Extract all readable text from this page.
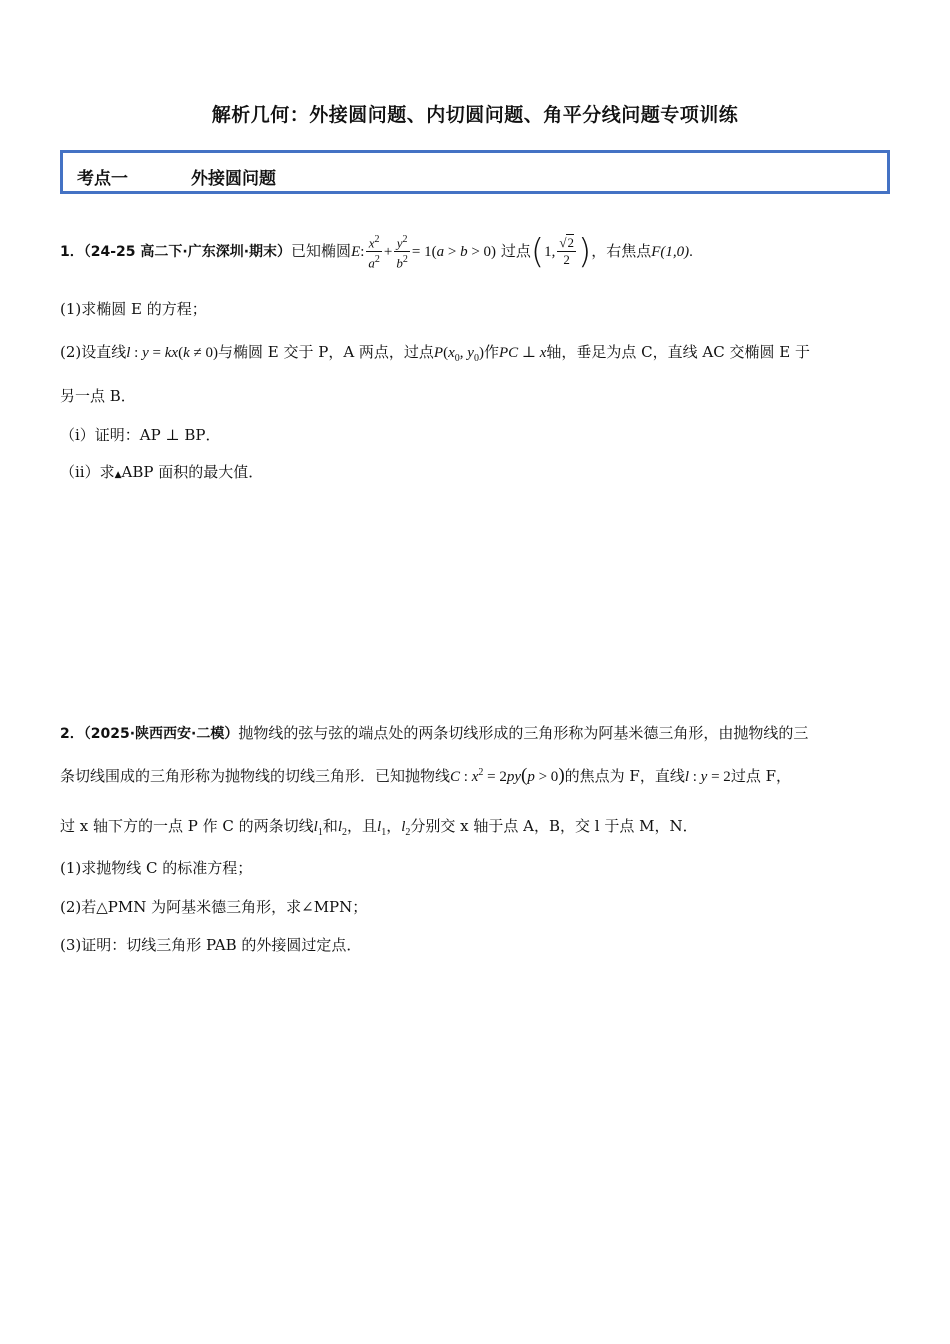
解析几何：外接圆问题、内切圆问题、角平分线问题专项训练
考点一	外接圆问题
1．（24-25 高二下·广东深圳·期末）已知椭圆E: $\frac{x^2}{a^2} + \frac{y^2}{b^2} = 1(a > b > 0)$ 过点(1, $\frac{√2}{2}$ )，右焦点F(1,0).
(1)求椭圆 E 的方程；
(2)设直线l : y = kx(k ≠ 0)与椭圆 E 交于 P，A 两点，过点$P(x_0$, $y_0$)作PC ⊥ x轴，垂足为点 C，直线 AC 交椭圆 E 于
另一点 B．
（i）证明：AP ⊥ BP．
（ii）求▲ABP 面积的最大值．
2．（2025·陕西西安·二模）抛物线的弦与弦的端点处的两条切线形成的三角形称为阿基米德三角形，由抛物线的三
条切线围成的三角形称为抛物线的切线三角形．已知抛物线C : $x^2 = 2py(p > 0)$的焦点为 F，直线l : y = 2过点 F，
过 x 轴下方的一点 P 作 C 的两条切线$l_1$和$l_2$，且$l_1$，$l_2$分别交 x 轴于点 A，B，交 l 于点 M，N．
(1)求抛物线 C 的标准方程；
(2)若△PMN 为阿基米德三角形，求∠MPN；
(3)证明：切线三角形 PAB 的外接圆过定点．
